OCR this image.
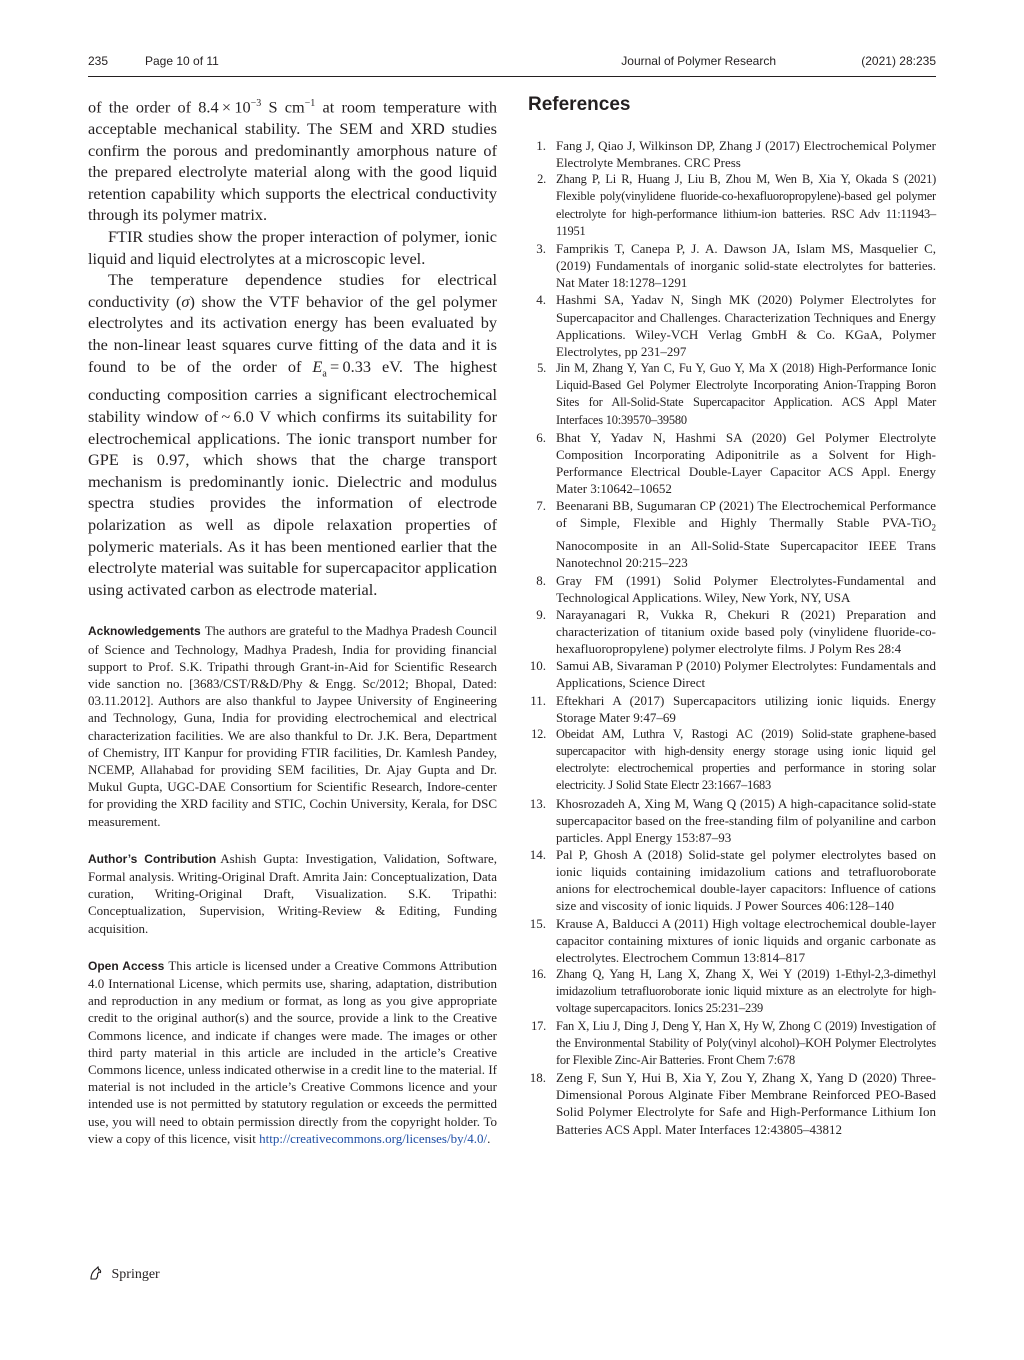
235	Page 10 of 11	Journal of Polymer Research	(2021) 28:235

of the order of $8.4 \times 10^{-3}$ S $cm^{-1}$ at room temperature with acceptable mechanical stability. The SEM and XRD studies confirm the porous and predominantly amorphous nature of the prepared electrolyte material along with the good liquid retention capability which supports the electrical conductivity through its polymer matrix.

FTIR studies show the proper interaction of polymer, ionic liquid and liquid electrolytes at a microscopic level.

The temperature dependence studies for electrical conductivity (σ) show the VTF behavior of the gel polymer electrolytes and its activation energy has been evaluated by the non-linear least squares curve fitting of the data and it is found to be of the order of $E_a = 0.33$ eV. The highest conducting composition carries a significant electrochemical stability window of ~ 6.0 V which confirms its suitability for electrochemical applications. The ionic transport number for GPE is 0.97, which shows that the charge transport mechanism is predominantly ionic. Dielectric and modulus spectra studies provides the information of electrode polarization as well as dipole relaxation properties of polymeric materials. As it has been mentioned earlier that the electrolyte material was suitable for supercapacitor application using activated carbon as electrode material.

Acknowledgements The authors are grateful to the Madhya Pradesh Council of Science and Technology, Madhya Pradesh, India for providing financial support to Prof. S.K. Tripathi through Grant-in-Aid for Scientific Research vide sanction no. [3683/CST/R&D/Phy & Engg. Sc/2012; Bhopal, Dated: 03.11.2012]. Authors are also thankful to Jaypee University of Engineering and Technology, Guna, India for providing electrochemical and electrical characterization facilities. We are also thankful to Dr. J.K. Bera, Department of Chemistry, IIT Kanpur for providing FTIR facilities, Dr. Kamlesh Pandey, NCEMP, Allahabad for providing SEM facilities, Dr. Ajay Gupta and Dr. Mukul Gupta, UGC-DAE Consortium for Scientific Research, Indore-center for providing the XRD facility and STIC, Cochin University, Kerala, for DSC measurement.

Author’s Contribution Ashish Gupta: Investigation, Validation, Software, Formal analysis. Writing-Original Draft. Amrita Jain: Conceptualization, Data curation, Writing-Original Draft, Visualization. S.K. Tripathi: Conceptualization, Supervision, Writing-Review & Editing, Funding acquisition.

Open Access This article is licensed under a Creative Commons Attribution 4.0 International License, which permits use, sharing, adaptation, distribution and reproduction in any medium or format, as long as you give appropriate credit to the original author(s) and the source, provide a link to the Creative Commons licence, and indicate if changes were made. The images or other third party material in this article are included in the article’s Creative Commons licence, unless indicated otherwise in a credit line to the material. If material is not included in the article’s Creative Commons licence and your intended use is not permitted by statutory regulation or exceeds the permitted use, you will need to obtain permission directly from the copyright holder. To view a copy of this licence, visit http://creativecommons.org/licenses/by/4.0/.

References
1. Fang J, Qiao J, Wilkinson DP, Zhang J (2017) Electrochemical Polymer Electrolyte Membranes. CRC Press
2. Zhang P, Li R, Huang J, Liu B, Zhou M, Wen B, Xia Y, Okada S (2021) Flexible poly(vinylidene fluoride-co-hexafluoropropylene)-based gel polymer electrolyte for high-performance lithium-ion batteries. RSC Adv 11:11943–11951
3. Famprikis T, Canepa P, J. A. Dawson JA, Islam MS, Masquelier C, (2019) Fundamentals of inorganic solid-state electrolytes for batteries. Nat Mater 18:1278–1291
4. Hashmi SA, Yadav N, Singh MK (2020) Polymer Electrolytes for Supercapacitor and Challenges. Characterization Techniques and Energy Applications. Wiley-VCH Verlag GmbH & Co. KGaA, Polymer Electrolytes, pp 231–297
5. Jin M, Zhang Y, Yan C, Fu Y, Guo Y, Ma X (2018) High-Performance Ionic Liquid-Based Gel Polymer Electrolyte Incorporating Anion-Trapping Boron Sites for All-Solid-State Supercapacitor Application. ACS Appl Mater Interfaces 10:39570–39580
6. Bhat Y, Yadav N, Hashmi SA (2020) Gel Polymer Electrolyte Composition Incorporating Adiponitrile as a Solvent for High-Performance Electrical Double-Layer Capacitor ACS Appl. Energy Mater 3:10642–10652
7. Beenarani BB, Sugumaran CP (2021) The Electrochemical Performance of Simple, Flexible and Highly Thermally Stable PVA-TiO$_2$ Nanocomposite in an All-Solid-State Supercapacitor IEEE Trans Nanotechnol 20:215–223
8. Gray FM (1991) Solid Polymer Electrolytes-Fundamental and Technological Applications. Wiley, New York, NY, USA
9. Narayanagari R, Vukka R, Chekuri R (2021) Preparation and characterization of titanium oxide based poly (vinylidene fluoride-co-hexafluoropropylene) polymer electrolyte films. J Polym Res 28:4
10. Samui AB, Sivaraman P (2010) Polymer Electrolytes: Fundamentals and Applications, Science Direct
11. Eftekhari A (2017) Supercapacitors utilizing ionic liquids. Energy Storage Mater 9:47–69
12. Obeidat AM, Luthra V, Rastogi AC (2019) Solid-state graphene-based supercapacitor with high-density energy storage using ionic liquid gel electrolyte: electrochemical properties and performance in storing solar electricity. J Solid State Electr 23:1667–1683
13. Khosrozadeh A, Xing M, Wang Q (2015) A high-capacitance solid-state supercapacitor based on the free-standing film of polyaniline and carbon particles. Appl Energy 153:87–93
14. Pal P, Ghosh A (2018) Solid-state gel polymer electrolytes based on ionic liquids containing imidazolium cations and tetrafluoroborate anions for electrochemical double-layer capacitors: Influence of cations size and viscosity of ionic liquids. J Power Sources 406:128–140
15. Krause A, Balducci A (2011) High voltage electrochemical double-layer capacitor containing mixtures of ionic liquids and organic carbonate as electrolytes. Electrochem Commun 13:814–817
16. Zhang Q, Yang H, Lang X, Zhang X, Wei Y (2019) 1-Ethyl-2,3-dimethyl imidazolium tetrafluoroborate ionic liquid mixture as an electrolyte for high-voltage supercapacitors. Ionics 25:231–239
17. Fan X, Liu J, Ding J, Deng Y, Han X, Hy W, Zhong C (2019) Investigation of the Environmental Stability of Poly(vinyl alcohol)–KOH Polymer Electrolytes for Flexible Zinc-Air Batteries. Front Chem 7:678
18. Zeng F, Sun Y, Hui B, Xia Y, Zou Y, Zhang X, Yang D (2020) Three-Dimensional Porous Alginate Fiber Membrane Reinforced PEO-Based Solid Polymer Electrolyte for Safe and High-Performance Lithium Ion Batteries ACS Appl. Mater Interfaces 12:43805–43812
Springer
